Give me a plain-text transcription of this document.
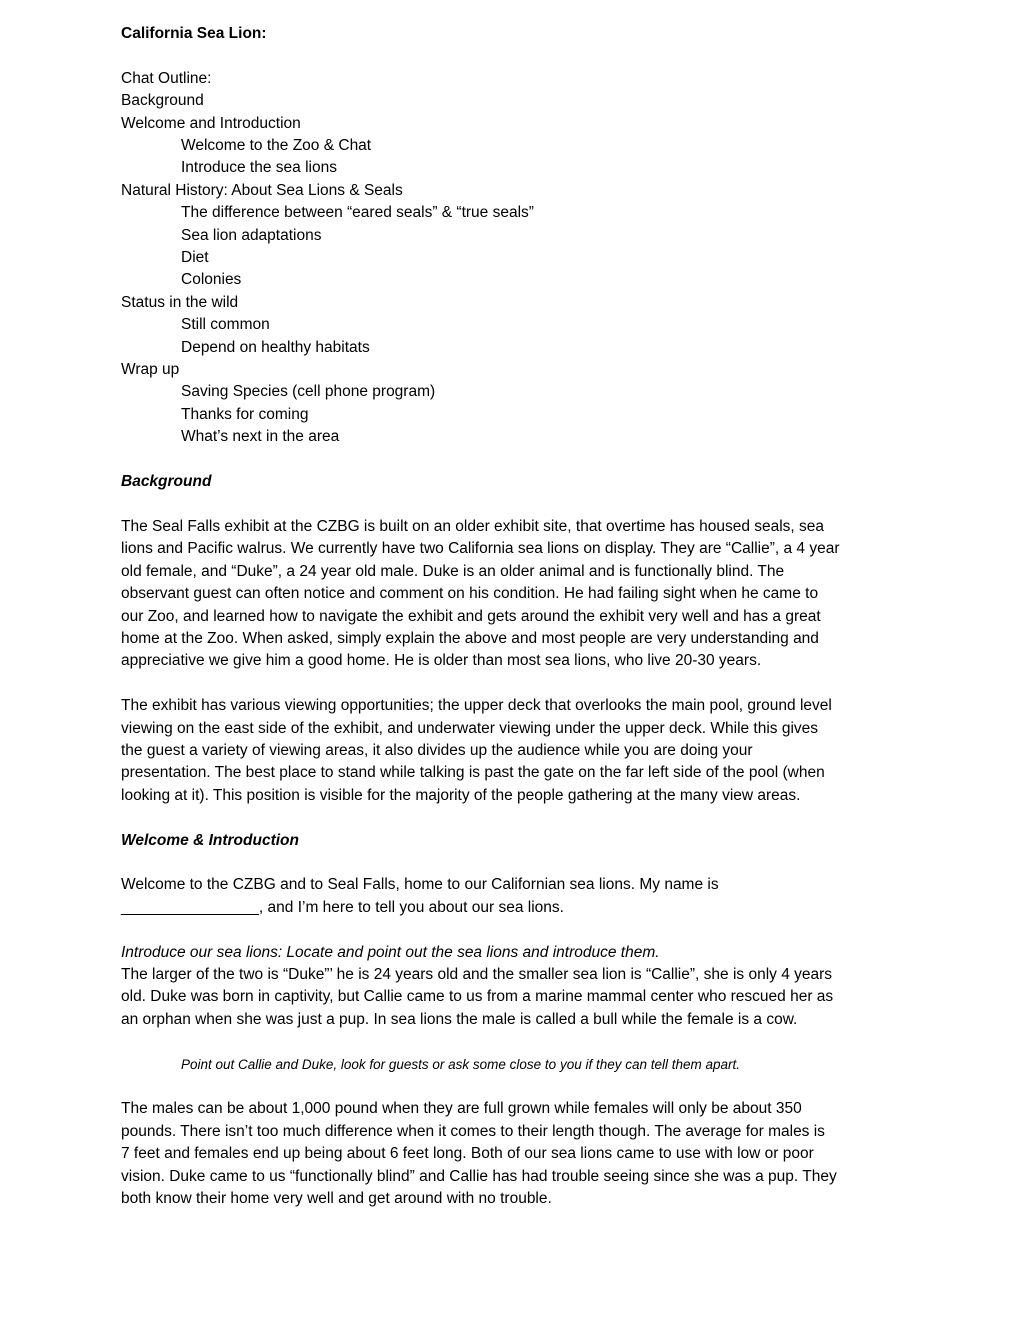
California Sea Lion:
Chat Outline:
Background
Welcome and Introduction
Welcome to the Zoo & Chat
Introduce the sea lions
Natural History: About Sea Lions & Seals
The difference between “eared seals” & “true seals”
Sea lion adaptations
Diet
Colonies
Status in the wild
Still common
Depend on healthy habitats
Wrap up
Saving Species (cell phone program)
Thanks for coming
What’s next in the area
Background
The Seal Falls exhibit at the CZBG is built on an older exhibit site, that overtime has housed seals, sea
lions and Pacific walrus. We currently have two California sea lions on display. They are “Callie”, a 4 year
old female, and “Duke”, a 24 year old male. Duke is an older animal and is functionally blind. The
observant guest can often notice and comment on his condition. He had failing sight when he came to
our Zoo, and learned how to navigate the exhibit and gets around the exhibit very well and has a great
home at the Zoo. When asked, simply explain the above and most people are very understanding and
appreciative we give him a good home. He is older than most sea lions, who live 20-30 years.
The exhibit has various viewing opportunities; the upper deck that overlooks the main pool, ground level
viewing on the east side of the exhibit, and underwater viewing under the upper deck. While this gives
the guest a variety of viewing areas, it also divides up the audience while you are doing your
presentation. The best place to stand while talking is past the gate on the far left side of the pool (when
looking at it). This position is visible for the majority of the people gathering at the many view areas.
Welcome & Introduction
Welcome to the CZBG and to Seal Falls, home to our Californian sea lions. My name is
________________, and I’m here to tell you about our sea lions.
Introduce our sea lions: Locate and point out the sea lions and introduce them.
The larger of the two is “Duke”’ he is 24 years old and the smaller sea lion is “Callie”, she is only 4 years
old. Duke was born in captivity, but Callie came to us from a marine mammal center who rescued her as
an orphan when she was just a pup. In sea lions the male is called a bull while the female is a cow.
Point out Callie and Duke, look for guests or ask some close to you if they can tell them apart.
The males can be about 1,000 pound when they are full grown while females will only be about 350
pounds. There isn’t too much difference when it comes to their length though. The average for males is
7 feet and females end up being about 6 feet long. Both of our sea lions came to use with low or poor
vision. Duke came to us “functionally blind” and Callie has had trouble seeing since she was a pup. They
both know their home very well and get around with no trouble.
